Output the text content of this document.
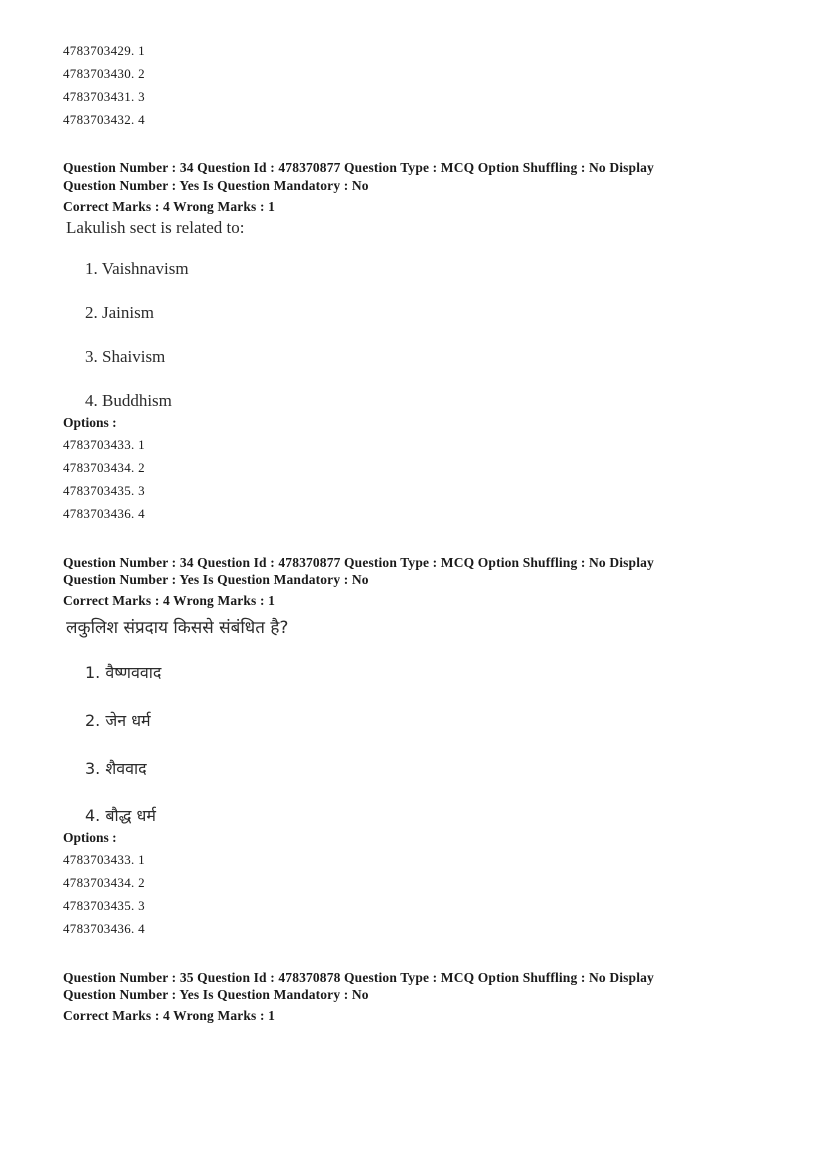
4783703429. 1
4783703430. 2
4783703431. 3
4783703432. 4
Question Number : 34 Question Id : 478370877 Question Type : MCQ Option Shuffling : No Display
Question Number : Yes Is Question Mandatory : No
Correct Marks : 4 Wrong Marks : 1
Lakulish sect is related to:
1. Vaishnavism
2. Jainism
3. Shaivism
4. Buddhism
Options :
4783703433. 1
4783703434. 2
4783703435. 3
4783703436. 4
Question Number : 34 Question Id : 478370877 Question Type : MCQ Option Shuffling : No Display
Question Number : Yes Is Question Mandatory : No
Correct Marks : 4 Wrong Marks : 1
लकुलिश संप्रदाय किससे संबंधित है?
1. वैष्णववाद
2. जेन धर्म
3. शैववाद
4. बौद्ध धर्म
Options :
4783703433. 1
4783703434. 2
4783703435. 3
4783703436. 4
Question Number : 35 Question Id : 478370878 Question Type : MCQ Option Shuffling : No Display
Question Number : Yes Is Question Mandatory : No
Correct Marks : 4 Wrong Marks : 1
